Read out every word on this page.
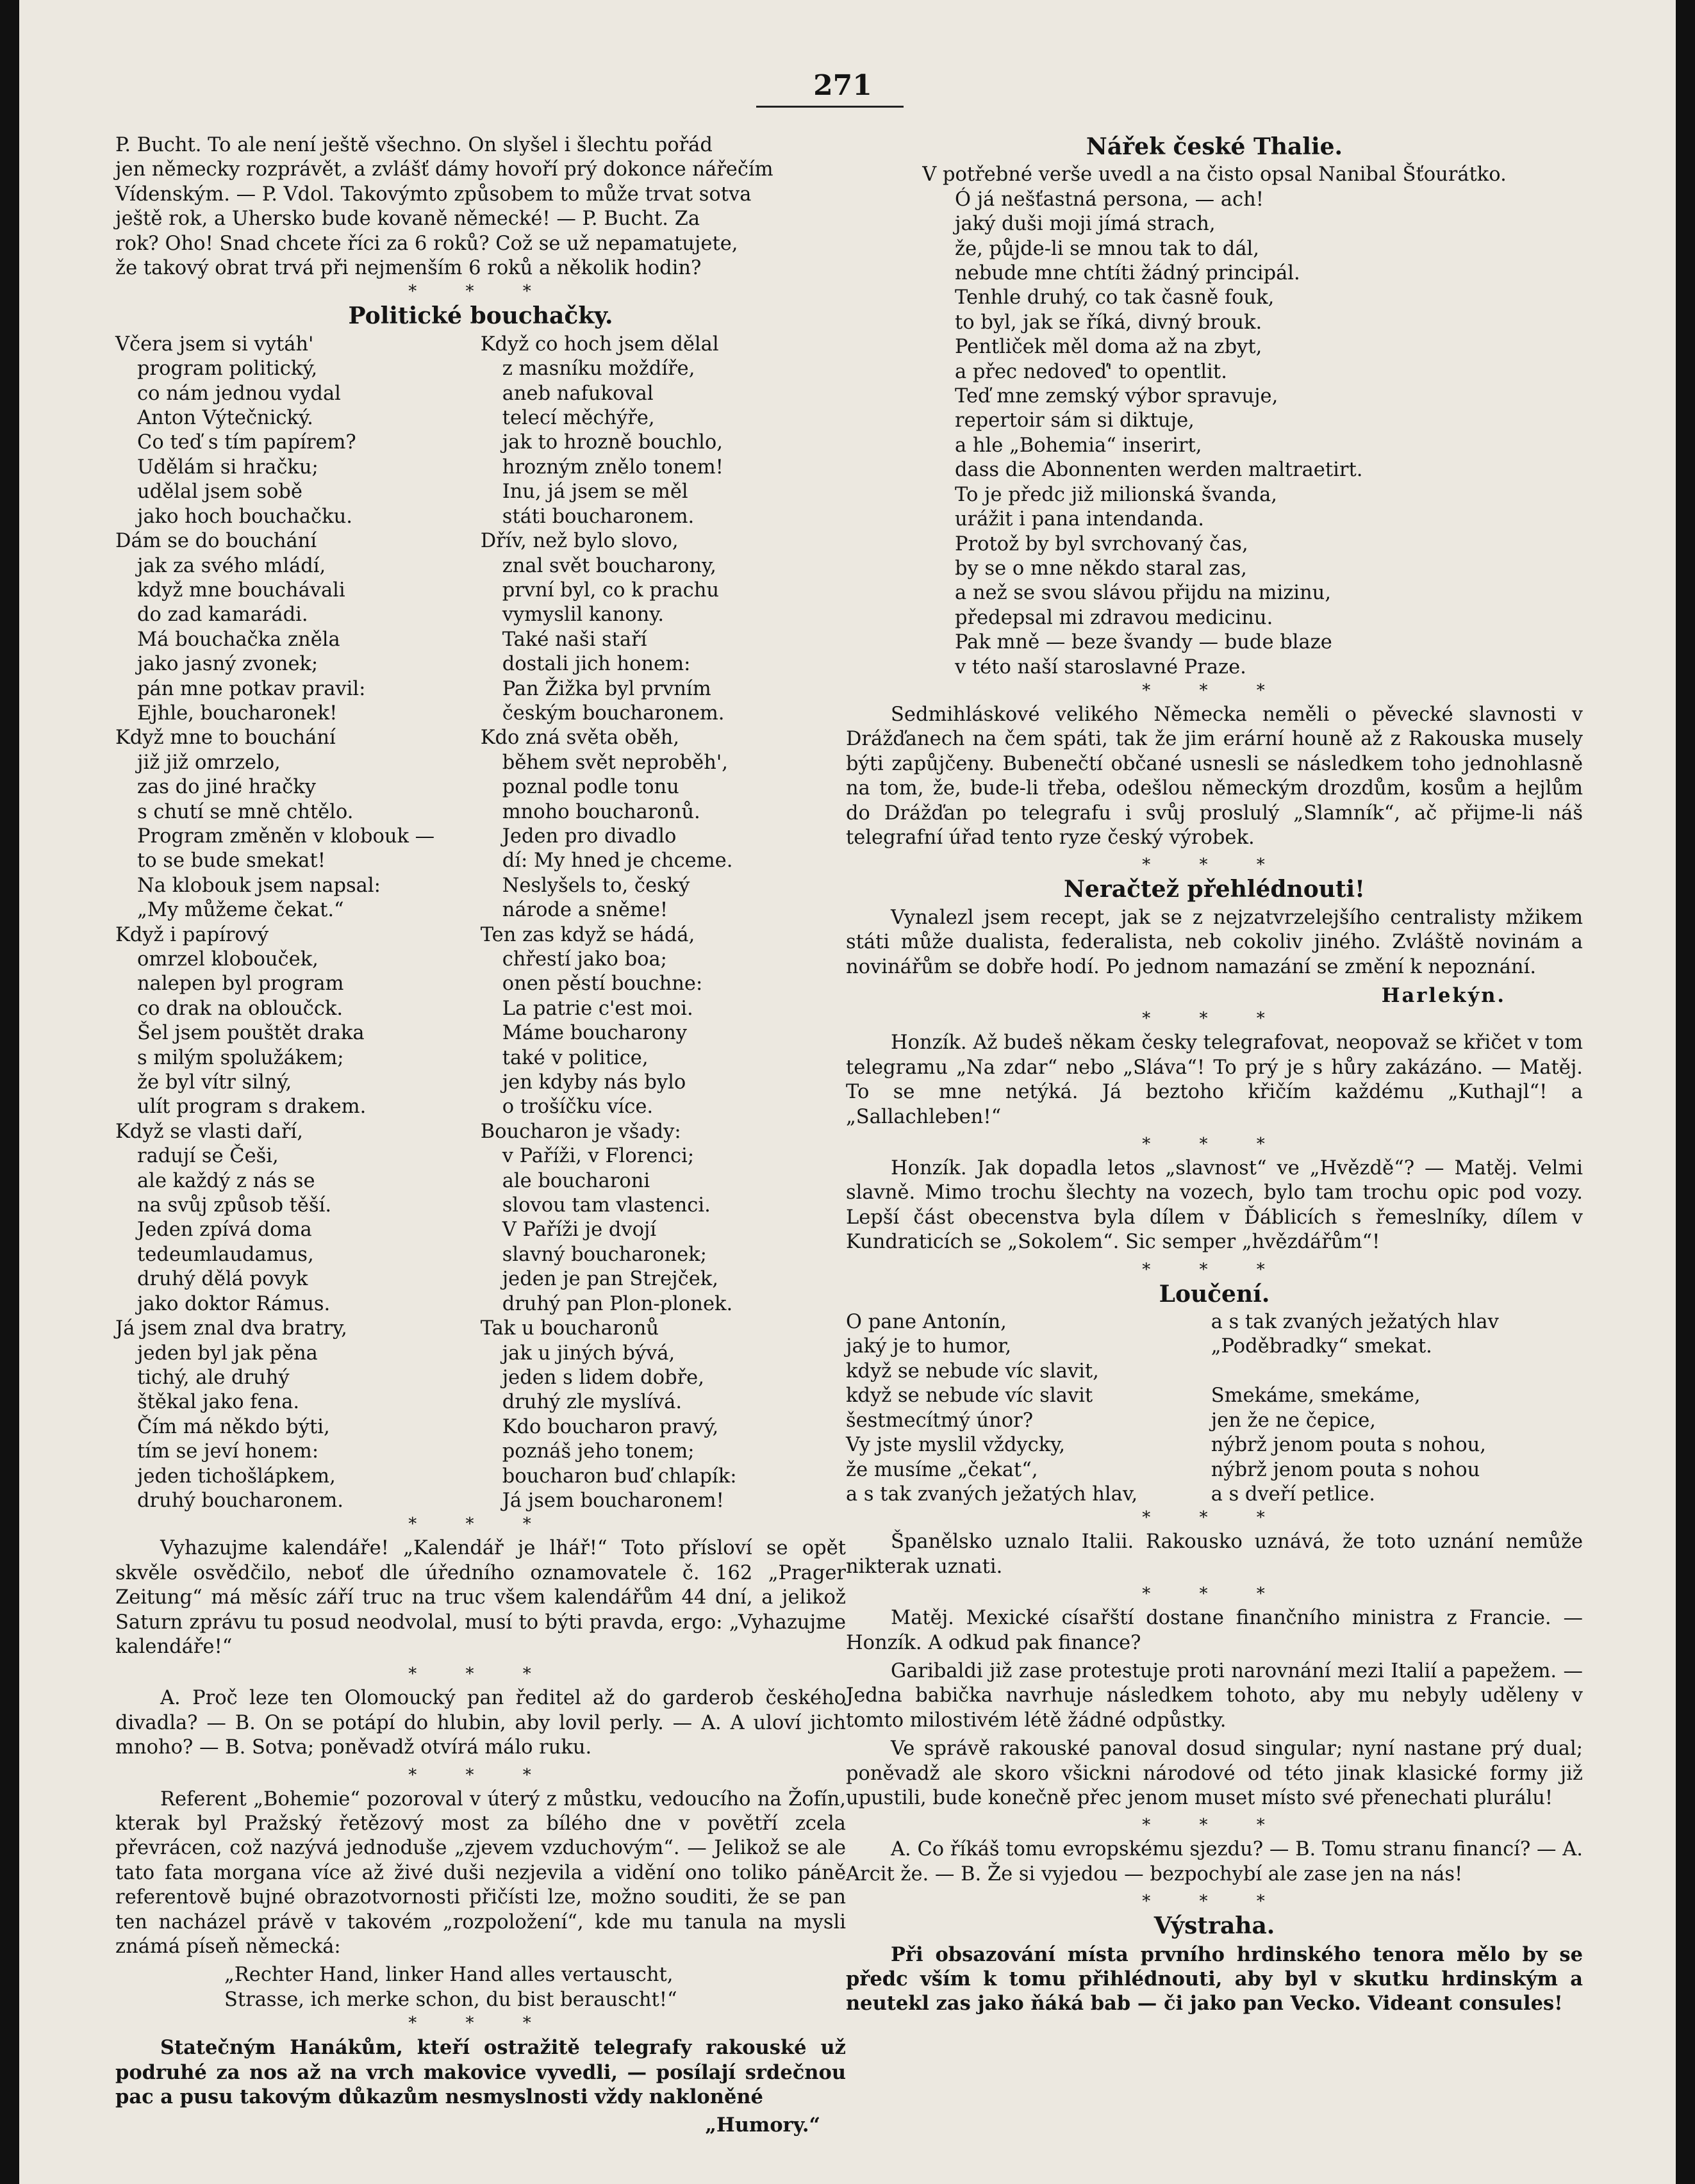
271
P. Bucht. To ale není ještě všechno. On slyšel i šlechtu pořád
jen německy rozprávět, a zvlášť dámy hovoří prý dokonce nářečím
Vídenským. — P. Vdol. Takovýmto způsobem to může trvat sotva
ještě rok, a Uhersko bude kovaně německé! — P. Bucht. Za
rok? Oho! Snad chcete říci za 6 roků? Což se už nepamatujete,
že takový obrat trvá při nejmenším 6 roků a několik hodin?
* * *
Politické bouchačky.
Včera jsem si vytáh'
program politický,
co nám jednou vydal
Anton Výtečnický.
Co teď s tím papírem?
Udělám si hračku;
udělal jsem sobě
jako hoch bouchačku.
Dám se do bouchání
jak za svého mládí,
když mne bouchávali
do zad kamarádi.
Má bouchačka zněla
jako jasný zvonek;
pán mne potkav pravil:
Ejhle, boucharonek!
Když mne to bouchání
již již omrzelo,
zas do jiné hračky
s chutí se mně chtělo.
Program změněn v klobouk —
to se bude smekat!
Na klobouk jsem napsal:
„My můžeme čekat.“
Když i papírový
omrzel klobouček,
nalepen byl program
co drak na obloučck.
Šel jsem pouštět draka
s milým spolužákem;
že byl vítr silný,
ulít program s drakem.
Když se vlasti daří,
radují se Češi,
ale každý z nás se
na svůj způsob těší.
Jeden zpívá doma
tedeumlaudamus,
druhý dělá povyk
jako doktor Rámus.
Já jsem znal dva bratry,
jeden byl jak pěna
tichý, ale druhý
štěkal jako fena.
Čím má někdo býti,
tím se jeví honem:
jeden tichošlápkem,
druhý boucharonem.

Když co hoch jsem dělal
z masníku moždíře,
aneb nafukoval
telecí měchýře,
jak to hrozně bouchlo,
hrozným znělo tonem!
Inu, já jsem se měl
státi boucharonem.
Dřív, než bylo slovo,
znal svět boucharony,
první byl, co k prachu
vymyslil kanony.
Také naši staří
dostali jich honem:
Pan Žižka byl prvním
českým boucharonem.
Kdo zná světa oběh,
během svět neproběh',
poznal podle tonu
mnoho boucharonů.
Jeden pro divadlo
dí: My hned je chceme.
Neslyšels to, český
národe a sněme!
Ten zas když se hádá,
chřestí jako boa;
onen pěstí bouchne:
La patrie c'est moi.
Máme boucharony
také v politice,
jen kdyby nás bylo
o trošíčku více.
Boucharon je všady:
v Paříži, v Florenci;
ale boucharoni
slovou tam vlastenci.
V Paříži je dvojí
slavný boucharonek;
jeden je pan Strejček,
druhý pan Plon-plonek.
Tak u boucharonů
jak u jiných bývá,
jeden s lidem dobře,
druhý zle myslívá.
Kdo boucharon pravý,
poznáš jeho tonem;
boucharon buď chlapík:
Já jsem boucharonem!
* * *

Vyhazujme kalendáře! „Kalendář je lhář!“ Toto přísloví se opět skvěle osvědčilo, neboť dle úředního oznamovatele č. 162 „Prager Zeitung“ má měsíc září truc na truc všem kalendářům 44 dní, a jelikož Saturn zprávu tu posud neodvolal, musí to býti pravda, ergo: „Vyhazujme kalendáře!“

* * *

A. Proč leze ten Olomoucký pan ředitel až do garderob českého divadla? — B. On se potápí do hlubin, aby lovil perly. — A. A uloví jich mnoho? — B. Sotva; poněvadž otvírá málo ruku.

* * *

Referent „Bohemie“ pozoroval v úterý z můstku, vedoucího na Žofín, kterak byl Pražský řetězový most za bílého dne v povětří zcela převrácen, což nazývá jednoduše „zjevem vzduchovým“. — Jelikož se ale tato fata morgana více až živé duši nezjevila a vidění ono toliko páně referentově bujné obrazotvornosti přičísti lze, možno souditi, že se pan ten nacházel právě v takovém „rozpoložení“, kde mu tanula na mysli známá píseň německá:

„Rechter Hand, linker Hand alles vertauscht,
Strasse, ich merke schon, du bist berauscht!“
* * *

Statečným Hanákům, kteří ostražitě telegrafy rakouské už podruhé za nos až na vrch makovice vyvedli, — posílají srdečnou pac a pusu takovým důkazům nesmyslnosti vždy nakloněné

„Humory.“
Nářek české Thalie.
V potřebné verše uvedl a na čisto opsal Nanibal Šťourátko.
Ó já nešťastná persona, — ach!
jaký duši moji jímá strach,
že, půjde-li se mnou tak to dál,
nebude mne chtíti žádný principál.
Tenhle druhý, co tak časně fouk,
to byl, jak se říká, divný brouk.
Pentliček měl doma až na zbyt,
a přec nedoveď' to opentlit.
Teď mne zemský výbor spravuje,
repertoir sám si diktuje,
a hle „Bohemia“ inserirt,
dass die Abonnenten werden maltraetirt.
To je předc již milionská švanda,
urážit i pana intendanda.
Protož by byl svrchovaný čas,
by se o mne někdo staral zas,
a než se svou slávou přijdu na mizinu,
předepsal mi zdravou medicinu.
Pak mně — beze švandy — bude blaze
v této naší staroslavné Praze.
* * *

Sedmihláskové velikého Německa neměli o pěvecké slavnosti v Drážďanech na čem spáti, tak že jim erární houně až z Rakouska musely býti zapůjčeny. Bubenečtí občané usnesli se následkem toho jednohlasně na tom, že, bude-li třeba, odešlou německým drozdům, kosům a hejlům do Drážďan po telegrafu i svůj proslulý „Slamník“, ač přijme-li náš telegrafní úřad tento ryze český výrobek.

* * *
Neračtež přehlédnouti!

Vynalezl jsem recept, jak se z nejzatvrzelejšího centralisty mžikem státi může dualista, federalista, neb cokoliv jiného. Zvláště novinám a novinářům se dobře hodí. Po jednom namazání se změní k nepoznání.

Harlekýn.
* * *

Honzík. Až budeš někam česky telegrafovat, neopovaž se křičet v tom telegramu „Na zdar“ nebo „Sláva“! To prý je s hůry zakázáno. — Matěj. To se mne netýká. Já beztoho křičím každému „Kuthajl“! a „Sallachleben!“

* * *

Honzík. Jak dopadla letos „slavnost“ ve „Hvězdě“? — Matěj. Velmi slavně. Mimo trochu šlechty na vozech, bylo tam trochu opic pod vozy. Lepší část obecenstva byla dílem v Ďáblicích s řemeslníky, dílem v Kundraticích se „Sokolem“. Sic semper „hvězdářům“!

* * *
Loučení.
O pane Antonín,
jaký je to humor,
když se nebude víc slavit,
když se nebude víc slavit
šestmecítmý únor?
Vy jste myslil vždycky,
že musíme „čekat“,
a s tak zvaných ježatých hlav,

a s tak zvaných ježatých hlav
„Poděbradky“ smekat.

Smekáme, smekáme,
jen že ne čepice,
nýbrž jenom pouta s nohou,
nýbrž jenom pouta s nohou
a s dveří petlice.
* * *

Španělsko uznalo Italii. Rakousko uznává, že toto uznání nemůže nikterak uznati.

* * *

Matěj. Mexické císařští dostane finančního ministra z Francie. — Honzík. A odkud pak finance?

Garibaldi již zase protestuje proti narovnání mezi Italií a papežem. — Jedna babička navrhuje následkem tohoto, aby mu nebyly uděleny v tomto milostivém létě žádné odpůstky.

Ve správě rakouské panoval dosud singular; nyní nastane prý dual; poněvadž ale skoro všickni národové od této jinak klasické formy již upustili, bude konečně přec jenom muset místo své přenechati plurálu!

* * *

A. Co říkáš tomu evropskému sjezdu? — B. Tomu stranu financí? — A. Arcit že. — B. Že si vyjedou — bezpochybí ale zase jen na nás!

* * *
Výstraha.

Při obsazování místa prvního hrdinského tenora mělo by se předc vším k tomu přihlédnouti, aby byl v skutku hrdinským a neutekl zas jako ňáká bab — či jako pan Vecko. Videant consules!
